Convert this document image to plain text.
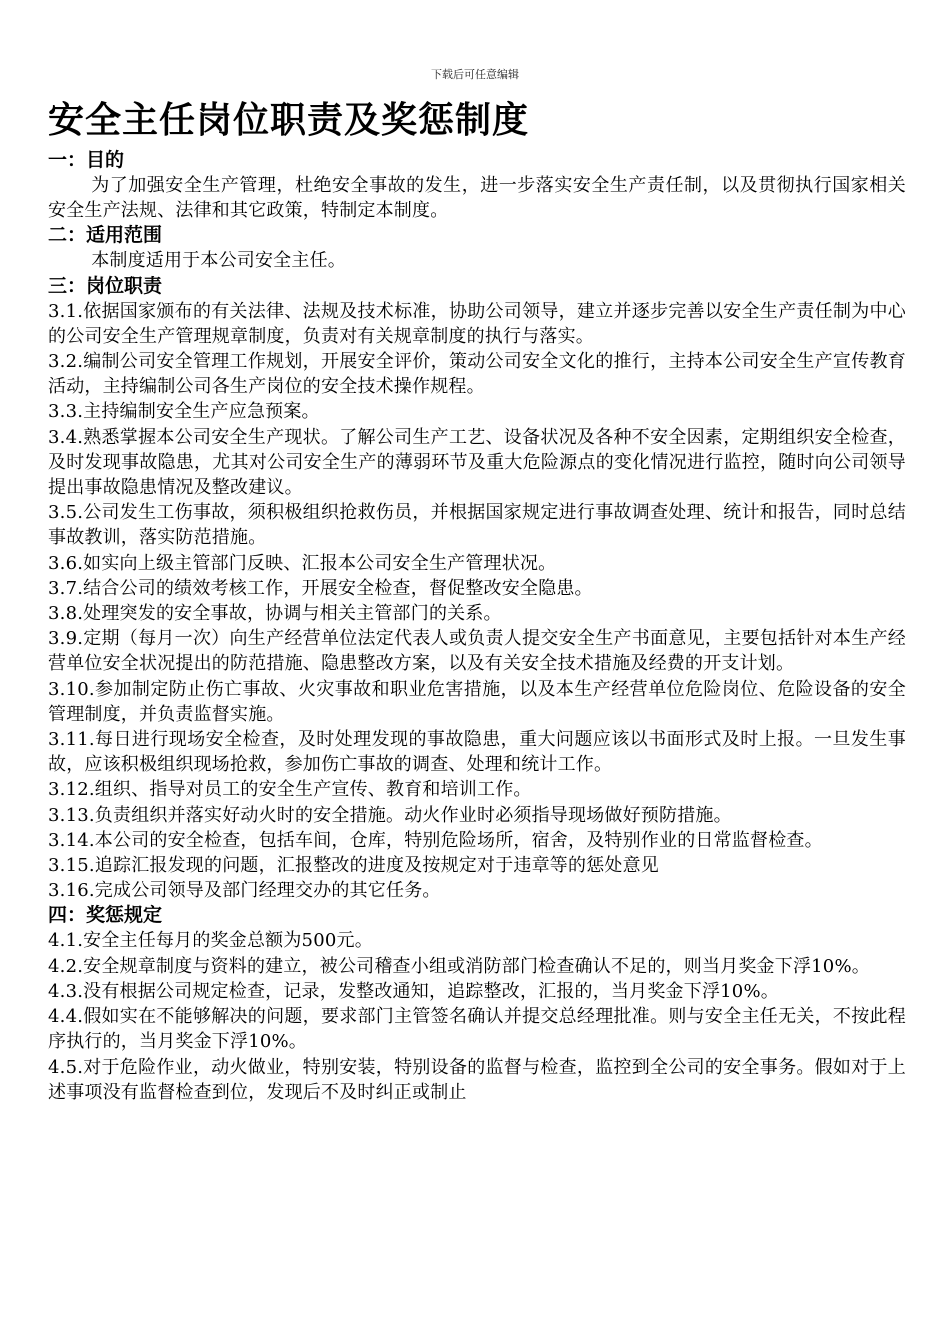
下载后可任意编辑
安全主任岗位职责及奖惩制度

一：目的

为了加强安全生产管理，杜绝安全事故的发生，进一步落实安全生产责任制，以及贯彻执行国家相关安全生产法规、法律和其它政策，特制定本制度。

二：适用范围

本制度适用于本公司安全主任。

三：岗位职责

3.1.依据国家颁布的有关法律、法规及技术标准，协助公司领导，建立并逐步完善以安全生产责任制为中心的公司安全生产管理规章制度，负责对有关规章制度的执行与落实。

3.2.编制公司安全管理工作规划，开展安全评价，策动公司安全文化的推行，主持本公司安全生产宣传教育活动，主持编制公司各生产岗位的安全技术操作规程。

3.3.主持编制安全生产应急预案。

3.4.熟悉掌握本公司安全生产现状。了解公司生产工艺、设备状况及各种不安全因素，定期组织安全检查，及时发现事故隐患，尤其对公司安全生产的薄弱环节及重大危险源点的变化情况进行监控，随时向公司领导提出事故隐患情况及整改建议。

3.5.公司发生工伤事故，须积极组织抢救伤员，并根据国家规定进行事故调查处理、统计和报告，同时总结事故教训，落实防范措施。

3.6.如实向上级主管部门反映、汇报本公司安全生产管理状况。

3.7.结合公司的绩效考核工作，开展安全检查，督促整改安全隐患。

3.8.处理突发的安全事故，协调与相关主管部门的关系。

3.9.定期（每月一次）向生产经营单位法定代表人或负责人提交安全生产书面意见，主要包括针对本生产经营单位安全状况提出的防范措施、隐患整改方案，以及有关安全技术措施及经费的开支计划。

3.10.参加制定防止伤亡事故、火灾事故和职业危害措施，以及本生产经营单位危险岗位、危险设备的安全管理制度，并负责监督实施。

3.11.每日进行现场安全检查，及时处理发现的事故隐患，重大问题应该以书面形式及时上报。一旦发生事故，应该积极组织现场抢救，参加伤亡事故的调查、处理和统计工作。

3.12.组织、指导对员工的安全生产宣传、教育和培训工作。

3.13.负责组织并落实好动火时的安全措施。动火作业时必须指导现场做好预防措施。

3.14.本公司的安全检查，包括车间，仓库，特别危险场所，宿舍，及特别作业的日常监督检查。

3.15.追踪汇报发现的问题，汇报整改的进度及按规定对于违章等的惩处意见

3.16.完成公司领导及部门经理交办的其它任务。

四：奖惩规定

4.1.安全主任每月的奖金总额为500元。

4.2.安全规章制度与资料的建立，被公司稽查小组或消防部门检查确认不足的，则当月奖金下浮10%。

4.3.没有根据公司规定检查，记录，发整改通知，追踪整改，汇报的，当月奖金下浮10%。

4.4.假如实在不能够解决的问题，要求部门主管签名确认并提交总经理批准。则与安全主任无关，不按此程序执行的，当月奖金下浮10%。

4.5.对于危险作业，动火做业，特别安装，特别设备的监督与检查，监控到全公司的安全事务。假如对于上述事项没有监督检查到位，发现后不及时纠正或制止
